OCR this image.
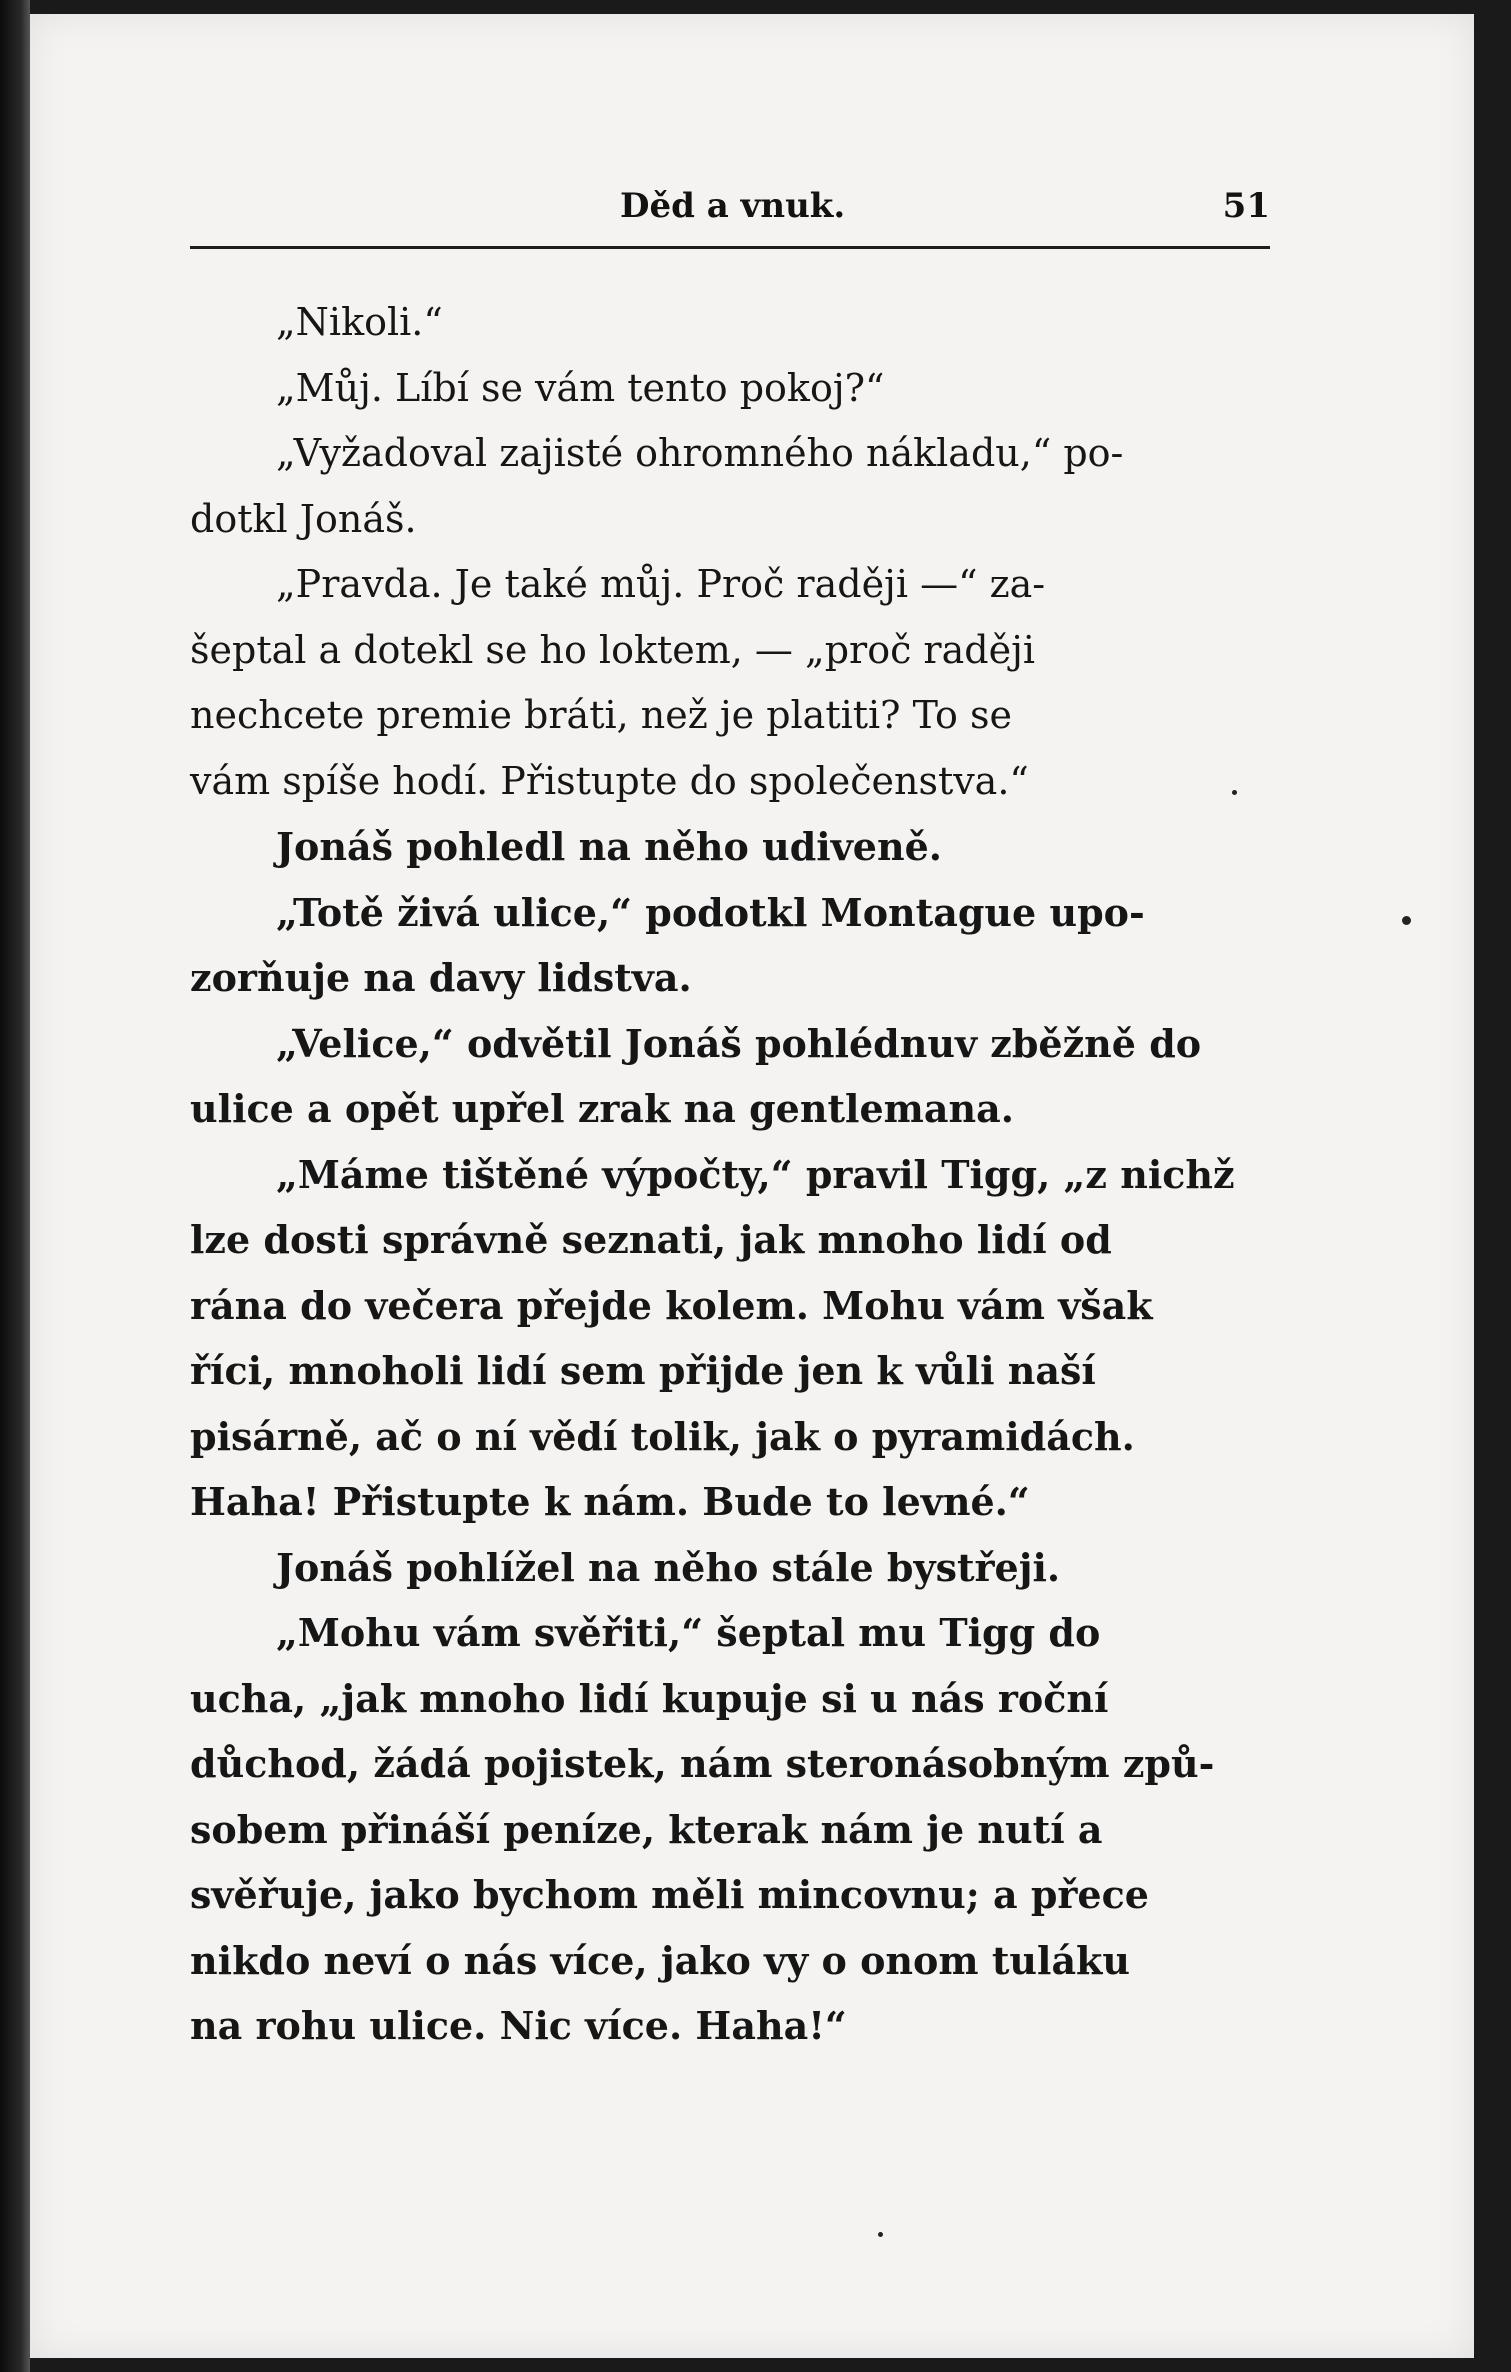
Děd a vnuk.	51

„Nikoli.“

„Můj. Líbí se vám tento pokoj?“

„Vyžadoval zajisté ohromného nákladu,“ po-
dotkl Jonáš.

„Pravda. Je také můj. Proč raději —“ za-
šeptal a dotekl se ho loktem, — „proč raději
nechcete premie bráti, než je platiti? To se
vám spíše hodí. Přistupte do společenstva.“

Jonáš pohledl na něho udiveně.

„Totě živá ulice,“ podotkl Montague upo-
zorňuje na davy lidstva.

„Velice,“ odvětil Jonáš pohlédnuv zběžně do
ulice a opět upřel zrak na gentlemana.

„Máme tištěné výpočty,“ pravil Tigg, „z nichž
lze dosti správně seznati, jak mnoho lidí od
rána do večera přejde kolem. Mohu vám však
říci, mnoholi lidí sem přijde jen k vůli naší
pisárně, ač o ní vědí tolik, jak o pyramidách.
Haha! Přistupte k nám. Bude to levné.“

Jonáš pohlížel na něho stále bystřeji.

„Mohu vám svěřiti,“ šeptal mu Tigg do
ucha, „jak mnoho lidí kupuje si u nás roční
důchod, žádá pojistek, nám steronásobným způ-
sobem přináší peníze, kterak nám je nutí a
svěřuje, jako bychom měli mincovnu; a přece
nikdo neví o nás více, jako vy o onom tuláku
na rohu ulice. Nic více. Haha!“
